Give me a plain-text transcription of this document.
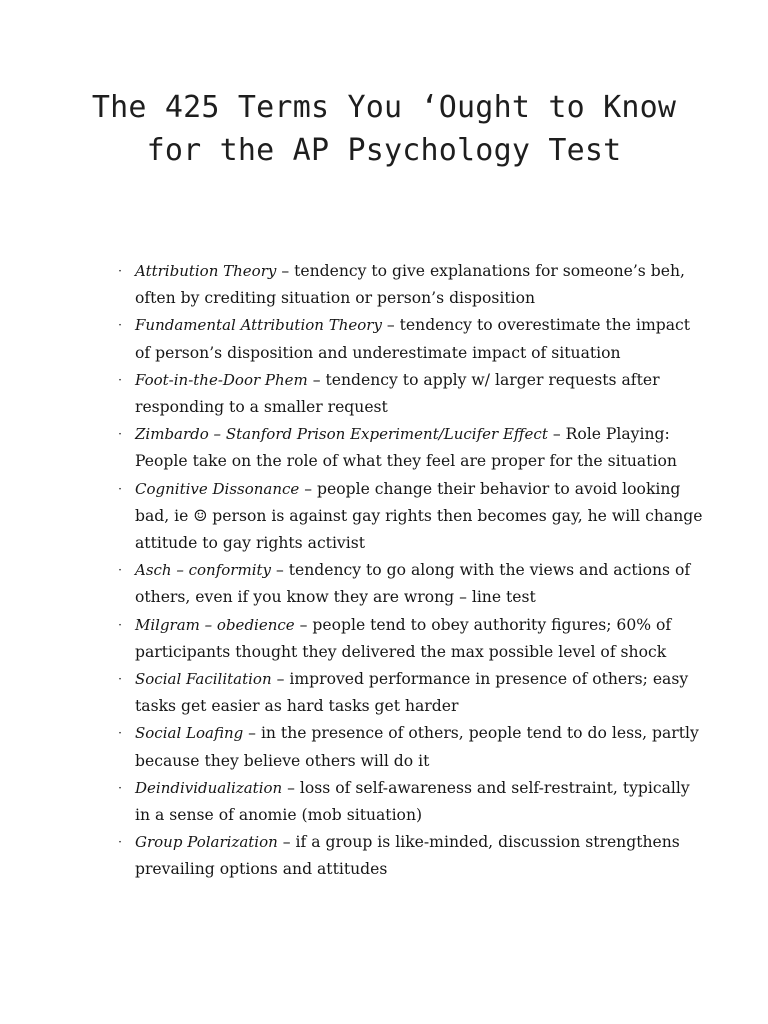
The 425 Terms You ‘Ought to Know for the AP Psychology Test
· Attribution Theory – tendency to give explanations for someone’s beh, often by crediting situation or person’s disposition
· Fundamental Attribution Theory – tendency to overestimate the impact of person’s disposition and underestimate impact of situation
· Foot-in-the-Door Phem – tendency to apply w/ larger requests after responding to a smaller request
· Zimbardo – Stanford Prison Experiment/Lucifer Effect – Role Playing: People take on the role of what they feel are proper for the situation
· Cognitive Dissonance – people change their behavior to avoid looking bad, ie ☺ person is against gay rights then becomes gay, he will change attitude to gay rights activist
· Asch – conformity – tendency to go along with the views and actions of others, even if you know they are wrong – line test
· Milgram – obedience – people tend to obey authority figures; 60% of participants thought they delivered the max possible level of shock
· Social Facilitation – improved performance in presence of others; easy tasks get easier as hard tasks get harder
· Social Loafing – in the presence of others, people tend to do less, partly because they believe others will do it
· Deindividualization – loss of self-awareness and self-restraint, typically in a sense of anomie (mob situation)
· Group Polarization – if a group is like-minded, discussion strengthens prevailing options and attitudes
